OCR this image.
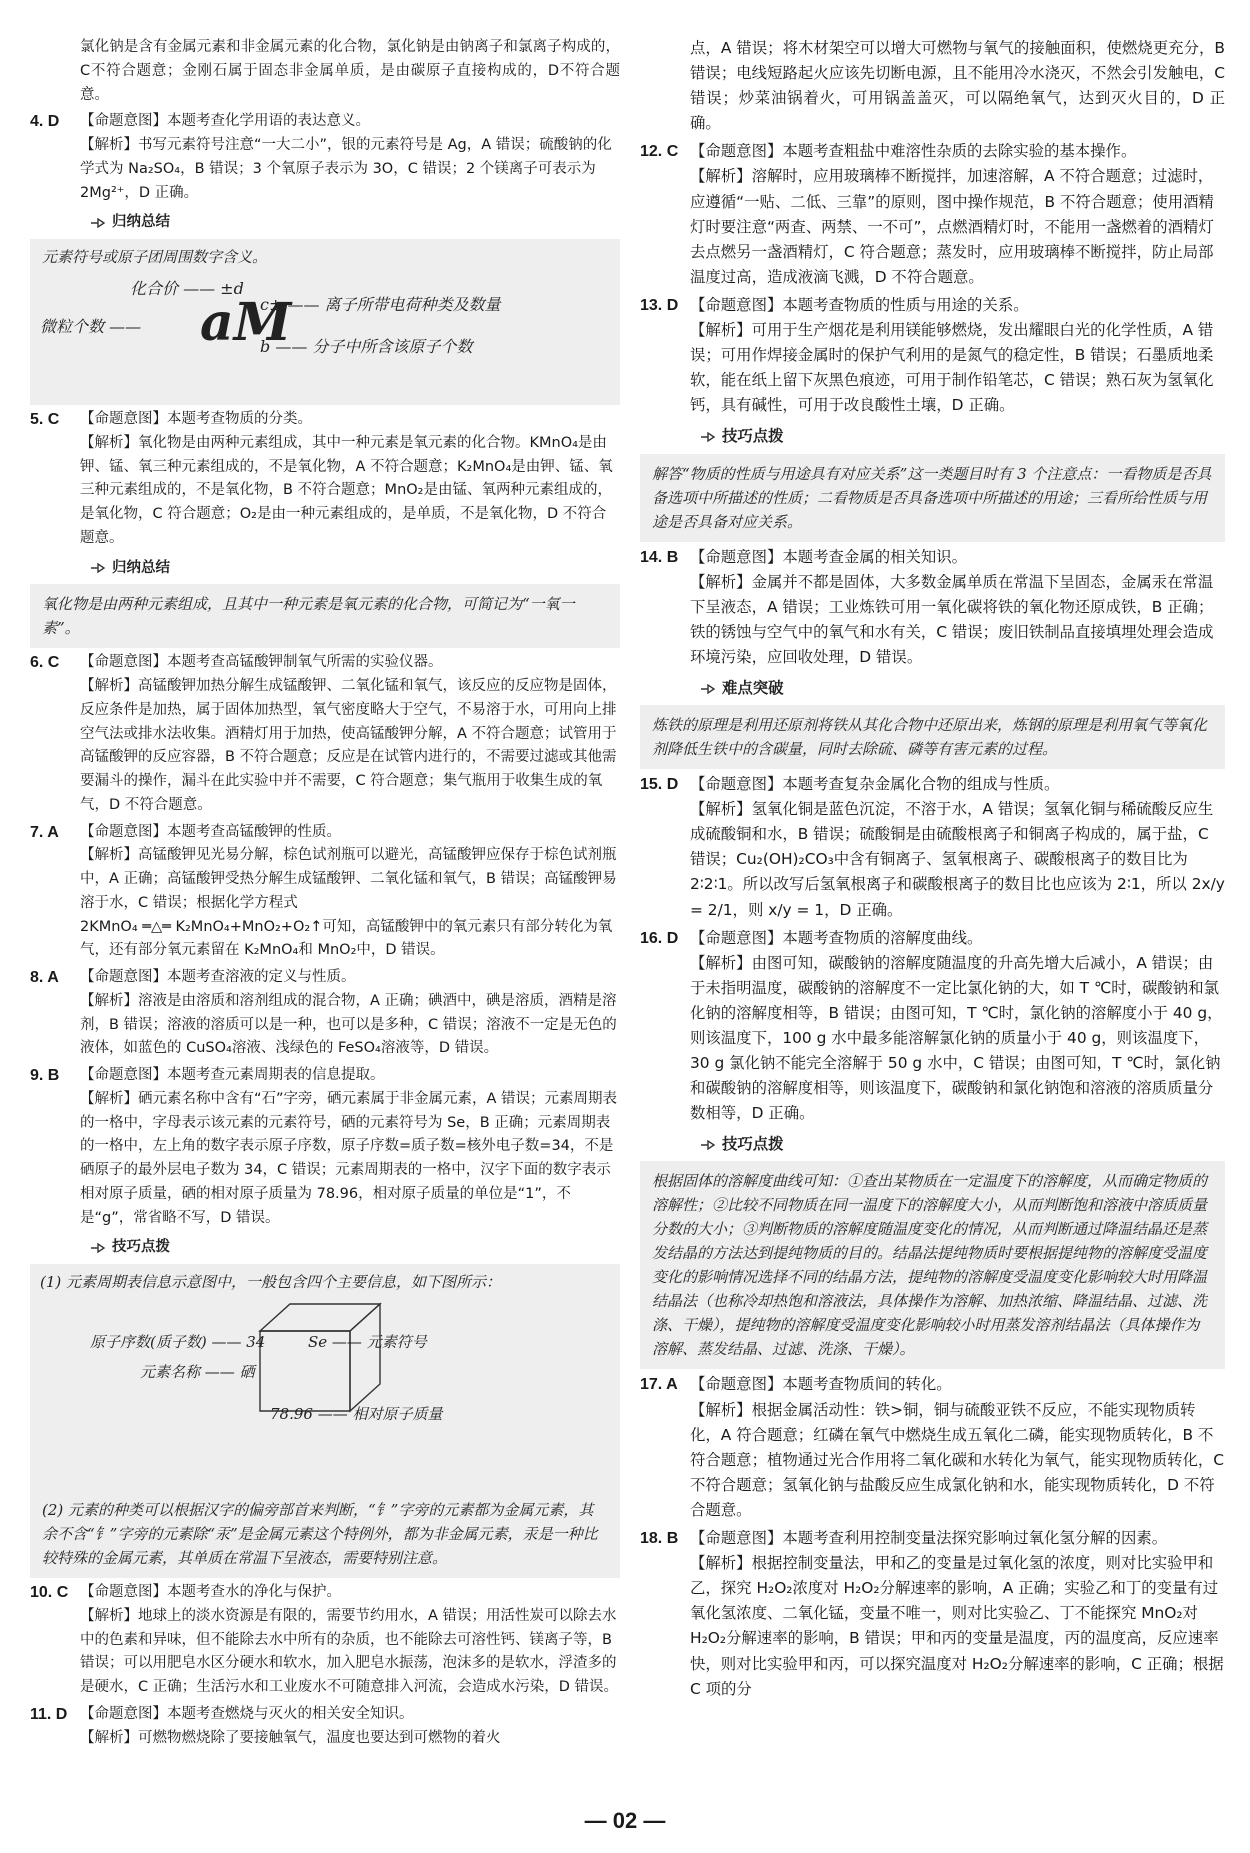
氯化钠是含有金属元素和非金属元素的化合物，氯化钠是由钠离子和氯离子构成的，C不符合题意；金刚石属于固态非金属单质，是由碳原子直接构成的，D不符合题意。
4. D 【命题意图】本题考查化学用语的表达意义。
【解析】书写元素符号注意“一大二小”，银的元素符号是 Ag，A 错误；硫酸钠的化学式为 Na₂SO₄，B 错误；3 个氧原子表示为 3O，C 错误；2 个镁离子可表示为 2Mg²⁺，D 正确。
归纳总结
元素符号或原子团周围数字含义。
化合价 —— ±d
c± —— 离子所带电荷种类及数量
微粒个数 —— aM
b —— 分子中所含该原子个数
5. C 【命题意图】本题考查物质的分类。
【解析】氧化物是由两种元素组成，其中一种元素是氧元素的化合物。KMnO₄是由钾、锰、氧三种元素组成的，不是氧化物，A 不符合题意；K₂MnO₄是由钾、锰、氧三种元素组成的，不是氧化物，B 不符合题意；MnO₂是由锰、氧两种元素组成的，是氧化物，C 符合题意；O₂是由一种元素组成的，是单质，不是氧化物，D 不符合题意。
归纳总结
氧化物是由两种元素组成，且其中一种元素是氧元素的化合物，可简记为“一氧一素”。
6. C 【命题意图】本题考查高锰酸钾制氧气所需的实验仪器。
【解析】高锰酸钾加热分解生成锰酸钾、二氧化锰和氧气，该反应的反应物是固体，反应条件是加热，属于固体加热型，氧气密度略大于空气，不易溶于水，可用向上排空气法或排水法收集。酒精灯用于加热，使高锰酸钾分解，A 不符合题意；试管用于高锰酸钾的反应容器，B 不符合题意；反应是在试管内进行的，不需要过滤或其他需要漏斗的操作，漏斗在此实验中并不需要，C 符合题意；集气瓶用于收集生成的氧气，D 不符合题意。
7. A 【命题意图】本题考查高锰酸钾的性质。
【解析】高锰酸钾见光易分解，棕色试剂瓶可以避光，高锰酸钾应保存于棕色试剂瓶中，A 正确；高锰酸钾受热分解生成锰酸钾、二氧化锰和氧气，B 错误；高锰酸钾易溶于水，C 错误；根据化学方程式
2KMnO₄ ═△═ K₂MnO₄+MnO₂+O₂↑可知，高锰酸钾中的氧元素只有部分转化为氧气，还有部分氧元素留在 K₂MnO₄和 MnO₂中，D 错误。
8. A 【命题意图】本题考查溶液的定义与性质。
【解析】溶液是由溶质和溶剂组成的混合物，A 正确；碘酒中，碘是溶质，酒精是溶剂，B 错误；溶液的溶质可以是一种，也可以是多种，C 错误；溶液不一定是无色的液体，如蓝色的 CuSO₄溶液、浅绿色的 FeSO₄溶液等，D 错误。
9. B 【命题意图】本题考查元素周期表的信息提取。
【解析】硒元素名称中含有“石”字旁，硒元素属于非金属元素，A 错误；元素周期表的一格中，字母表示该元素的元素符号，硒的元素符号为 Se，B 正确；元素周期表的一格中，左上角的数字表示原子序数，原子序数=质子数=核外电子数=34，不是硒原子的最外层电子数为 34，C 错误；元素周期表的一格中，汉字下面的数字表示相对原子质量，硒的相对原子质量为 78.96，相对原子质量的单位是“1”，不是“g”，常省略不写，D 错误。
技巧点拨
(1) 元素周期表信息示意图中，一般包含四个主要信息，如下图所示：
原子序数(质子数) —— 34	Se —— 元素符号
元素名称 —— 硒
78.96 —— 相对原子质量
(2) 元素的种类可以根据汉字的偏旁部首来判断，“钅”字旁的元素都为金属元素，其余不含“钅”字旁的元素除“汞”是金属元素这个特例外，都为非金属元素，汞是一种比较特殊的金属元素，其单质在常温下呈液态，需要特别注意。
10. C 【命题意图】本题考查水的净化与保护。
【解析】地球上的淡水资源是有限的，需要节约用水，A 错误；用活性炭可以除去水中的色素和异味，但不能除去水中所有的杂质，也不能除去可溶性钙、镁离子等，B 错误；可以用肥皂水区分硬水和软水，加入肥皂水振荡，泡沫多的是软水，浮渣多的是硬水，C 正确；生活污水和工业废水不可随意排入河流，会造成水污染，D 错误。
11. D 【命题意图】本题考查燃烧与灭火的相关安全知识。
【解析】可燃物燃烧除了要接触氧气，温度也要达到可燃物的着火
点，A 错误；将木材架空可以增大可燃物与氧气的接触面积，使燃烧更充分，B 错误；电线短路起火应该先切断电源，且不能用冷水浇灭，不然会引发触电，C 错误；炒菜油锅着火，可用锅盖盖灭，可以隔绝氧气，达到灭火目的，D 正确。
12. C 【命题意图】本题考查粗盐中难溶性杂质的去除实验的基本操作。
【解析】溶解时，应用玻璃棒不断搅拌，加速溶解，A 不符合题意；过滤时，应遵循“一贴、二低、三靠”的原则，图中操作规范，B 不符合题意；使用酒精灯时要注意“两查、两禁、一不可”，点燃酒精灯时，不能用一盏燃着的酒精灯去点燃另一盏酒精灯，C 符合题意；蒸发时，应用玻璃棒不断搅拌，防止局部温度过高，造成液滴飞溅，D 不符合题意。
13. D 【命题意图】本题考查物质的性质与用途的关系。
【解析】可用于生产烟花是利用镁能够燃烧，发出耀眼白光的化学性质，A 错误；可用作焊接金属时的保护气利用的是氮气的稳定性，B 错误；石墨质地柔软，能在纸上留下灰黑色痕迹，可用于制作铅笔芯，C 错误；熟石灰为氢氧化钙，具有碱性，可用于改良酸性土壤，D 正确。
技巧点拨
解答“物质的性质与用途具有对应关系”这一类题目时有 3 个注意点：一看物质是否具备选项中所描述的性质；二看物质是否具备选项中所描述的用途；三看所给性质与用途是否具备对应关系。
14. B 【命题意图】本题考查金属的相关知识。
【解析】金属并不都是固体，大多数金属单质在常温下呈固态，金属汞在常温下呈液态，A 错误；工业炼铁可用一氧化碳将铁的氧化物还原成铁，B 正确；铁的锈蚀与空气中的氧气和水有关，C 错误；废旧铁制品直接填埋处理会造成环境污染，应回收处理，D 错误。
难点突破
炼铁的原理是利用还原剂将铁从其化合物中还原出来，炼钢的原理是利用氧气等氧化剂降低生铁中的含碳量，同时去除硫、磷等有害元素的过程。
15. D 【命题意图】本题考查复杂金属化合物的组成与性质。
【解析】氢氧化铜是蓝色沉淀，不溶于水，A 错误；氢氧化铜与稀硫酸反应生成硫酸铜和水，B 错误；硫酸铜是由硫酸根离子和铜离子构成的，属于盐，C 错误；Cu₂(OH)₂CO₃中含有铜离子、氢氧根离子、碳酸根离子的数目比为 2∶2∶1。所以改写后氢氧根离子和碳酸根离子的数目比也应该为 2∶1，所以 2x/y = 2/1，则 x/y = 1，D 正确。
16. D 【命题意图】本题考查物质的溶解度曲线。
【解析】由图可知，碳酸钠的溶解度随温度的升高先增大后减小，A 错误；由于未指明温度，碳酸钠的溶解度不一定比氯化钠的大，如 T ℃时，碳酸钠和氯化钠的溶解度相等，B 错误；由图可知，T ℃时，氯化钠的溶解度小于 40 g，则该温度下，100 g 水中最多能溶解氯化钠的质量小于 40 g，则该温度下，30 g 氯化钠不能完全溶解于 50 g 水中，C 错误；由图可知，T ℃时，氯化钠和碳酸钠的溶解度相等，则该温度下，碳酸钠和氯化钠饱和溶液的溶质质量分数相等，D 正确。
技巧点拨
根据固体的溶解度曲线可知：①查出某物质在一定温度下的溶解度，从而确定物质的溶解性；②比较不同物质在同一温度下的溶解度大小，从而判断饱和溶液中溶质质量分数的大小；③判断物质的溶解度随温度变化的情况，从而判断通过降温结晶还是蒸发结晶的方法达到提纯物质的目的。结晶法提纯物质时要根据提纯物的溶解度受温度变化的影响情况选择不同的结晶方法，提纯物的溶解度受温度变化影响较大时用降温结晶法（也称冷却热饱和溶液法，具体操作为溶解、加热浓缩、降温结晶、过滤、洗涤、干燥），提纯物的溶解度受温度变化影响较小时用蒸发溶剂结晶法（具体操作为溶解、蒸发结晶、过滤、洗涤、干燥）。
17. A 【命题意图】本题考查物质间的转化。
【解析】根据金属活动性：铁>铜，铜与硫酸亚铁不反应，不能实现物质转化，A 符合题意；红磷在氧气中燃烧生成五氧化二磷，能实现物质转化，B 不符合题意；植物通过光合作用将二氧化碳和水转化为氧气，能实现物质转化，C 不符合题意；氢氧化钠与盐酸反应生成氯化钠和水，能实现物质转化，D 不符合题意。
18. B 【命题意图】本题考查利用控制变量法探究影响过氧化氢分解的因素。
【解析】根据控制变量法，甲和乙的变量是过氧化氢的浓度，则对比实验甲和乙，探究 H₂O₂浓度对 H₂O₂分解速率的影响，A 正确；实验乙和丁的变量有过氧化氢浓度、二氧化锰，变量不唯一，则对比实验乙、丁不能探究 MnO₂对 H₂O₂分解速率的影响，B 错误；甲和丙的变量是温度，丙的温度高，反应速率快，则对比实验甲和丙，可以探究温度对 H₂O₂分解速率的影响，C 正确；根据 C 项的分
— 02 —
